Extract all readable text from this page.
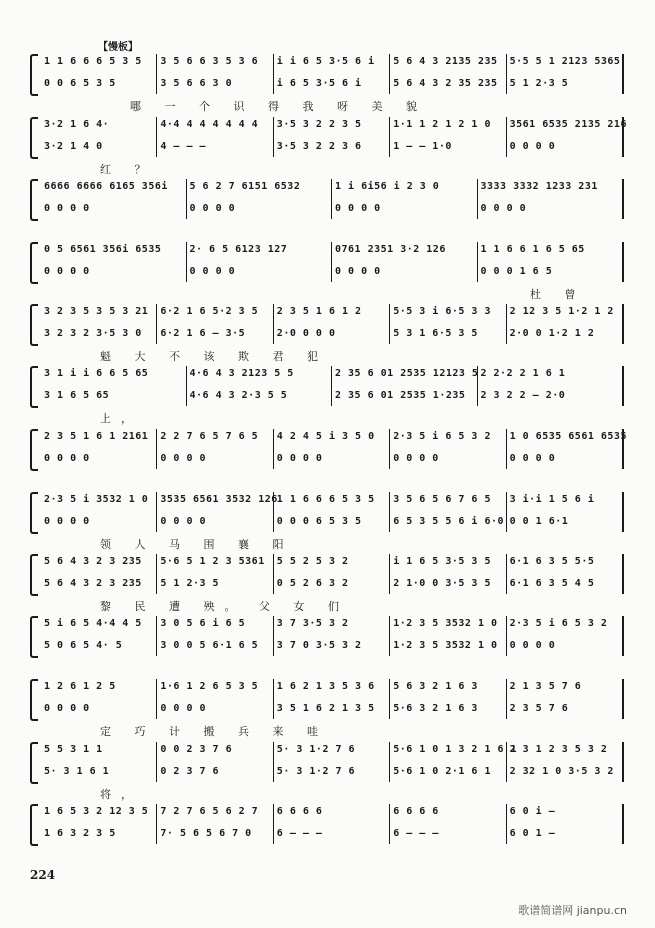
【慢板】
1 1 6 6 6 5 3 5
0 0 6 5 3 5
3 5 6 6 3 5 3 6
3 5 6 6 3 0
i i 6 5 3·5 6 i
i 6 5 3·5 6 i
5 6 4 3 2135 235
5 6 4 3 2 35 235
5·5 5 1 2123 5365
5 1 2·3 5
哪 一 个 识 得 我 呀 美 貌
3·2 1 6 4·
3·2 1 4 0
4·4 4 4 4 4 4 4
4 — — —
3·5 3 2 2 3 5
3·5 3 2 2 3 6
1·1 1 2 1 2 1 0
1 — — 1·0
3561 6535 2135 216
0 0 0 0
红 ？
6666 6666 6165 356i
0 0 0 0
5 6 2 7 6151 6532
0 0 0 0
1 i 6i56 i 2 3 0
0 0 0 0
3333 3332 1233 231
0 0 0 0
0 5 6561 356i 6535
0 0 0 0
2· 6 5 6123 127
0 0 0 0
0761 2351 3·2 126
0 0 0 0
1 1 6 6 1 6 5 65
0 0 0 1 6 5
杜 曾
3 2 3 5 3 5 3 21
3 2 3 2 3·5 3 0
6·2 1 6 5·2 3 5
6·2 1 6 — 3·5
2 3 5 1 6 1 2
2·0 0 0 0
5·5 3 i 6·5 3 3
5 3 1 6·5 3 5
2 12 3 5 1·2 1 2
2·0 0 1·2 1 2
魁 大 不 该 欺 君 犯
3 1 i i 6 6 5 65
3 1 6 5 65
4·6 4 3 2123 5 5
4·6 4 3 2·3 5 5
2 35 6 01 2535 12123 5
2 35 6 01 2535 1·235
2 2·2 2 1 6 1
2 3 2 2 — 2·0
上，
2 3 5 1 6 1 2161
0 0 0 0
2 2 7 6 5 7 6 5
0 0 0 0
4 2 4 5 i 3 5 0
0 0 0 0
2·3 5 i 6 5 3 2
0 0 0 0
1 0 6535 6561 6535
0 0 0 0
2·3 5 i 3532 1 0
0 0 0 0
3535 6561 3532 126
0 0 0 0
1 1 6 6 6 5 3 5
0 0 0 6 5 3 5
3 5 6 5 6 7 6 5
6 5 3 5 5 6 i 6·0
3 i·i 1 5 6 i
0 0 1 6·1
领 人 马 围 襄 阳
5 6 4 3 2 3 235
5 6 4 3 2 3 235
5·6 5 1 2 3 5361
5 1 2·3 5
5 5 2 5 3 2
0 5 2 6 3 2
i 1 6 5 3·5 3 5
2 1·0 0 3·5 3 5
6·1 6 3 5 5·5
6·1 6 3 5 4 5
黎 民 遭 殃。 父 女 们
5 i 6 5 4·4 4 5
5 0 6 5 4· 5
3 0 5 6 i 6 5
3 0 0 5 6·1 6 5
3 7 3·5 3 2
3 7 0 3·5 3 2
1·2 3 5 3532 1 0
1·2 3 5 3532 1 0
2·3 5 i 6 5 3 2
0 0 0 0
1 2 6 1 2 5
0 0 0 0
1·6 1 2 6 5 3 5
0 0 0 0
1 6 2 1 3 5 3 6
3 5 1 6 2 1 3 5
5 6 3 2 1 6 3
5·6 3 2 1 6 3
2 1 3 5 7 6
2 3 5 7 6
定 巧 计 搬 兵 来 哇
5 5 3 1 1
5· 3 1 6 1
0 0 2 3 7 6
0 2 3 7 6
5· 3 1·2 7 6
5· 3 1·2 7 6
5·6 1 0 1 3 2 1 6 1
5·6 1 0 2·1 6 1
2 3 1 2 3 5 3 2
2 32 1 0 3·5 3 2
将，
1 6 5 3 2 12 3 5
1 6 3 2 3 5
7 2 7 6 5 6 2 7
7· 5 6 5 6 7 0
6 6 6 6
6 — — —
6 6 6 6
6 — — —
6 0 i —
6 0 1 —
224
歌谱简谱网 jianpu.cn
